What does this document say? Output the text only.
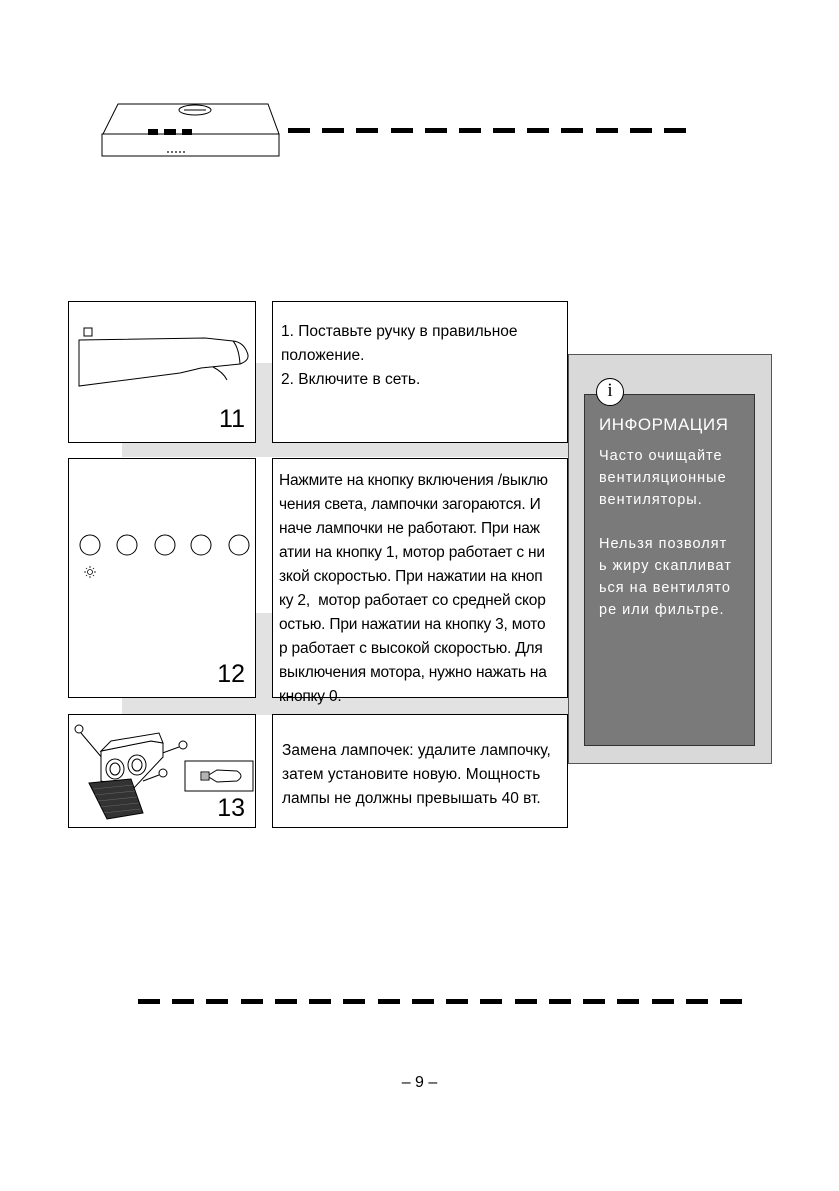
ИНФОРМАЦИЯ
Часто очищайте
вентиляционные
вентиляторы.

Нельзя позволят
ь жиру скапливат
ься на вентилято
ре или фильтре.
i
11

1. Поставьте ручку в правильное

положение.

2. Включите в сеть.

12

Нажмите на кнопку включения /выклю

чения света, лампочки загораются. И

наче лампочки не работают. При наж

атии на кнопку 1, мотор работает с ни

зкой скоростью. При нажатии на кноп

ку 2,  мотор работает со средней скор

остью. При нажатии на кнопку 3, мото

р работает с высокой скоростью. Для

выключения мотора, нужно нажать на

кнопку 0.

13

Замена лампочек: удалите лампочку,

затем установите новую. Мощность

лампы не должны превышать 40 вт.

– 9 –
